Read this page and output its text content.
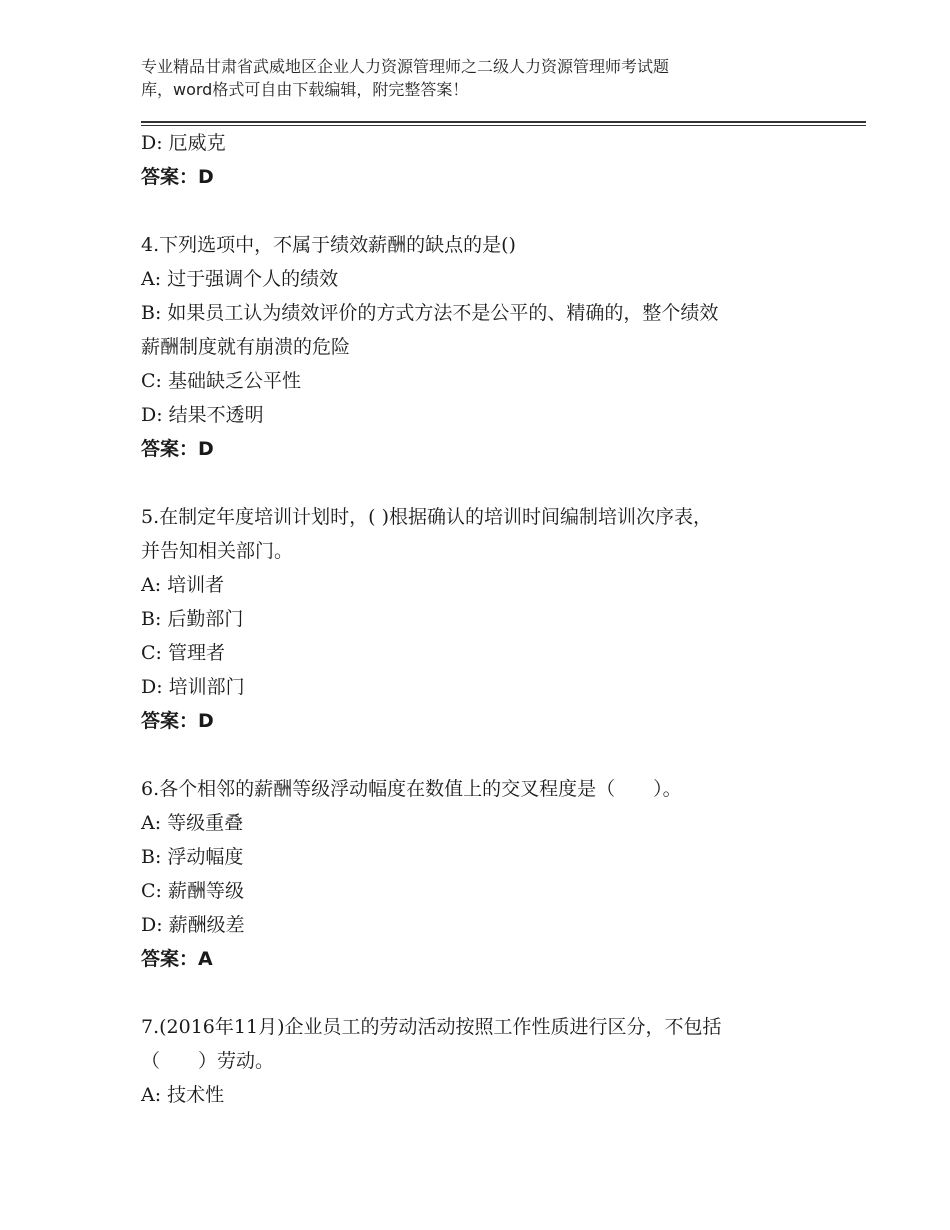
专业精品甘肃省武威地区企业人力资源管理师之二级人力资源管理师考试题
库，word格式可自由下载编辑，附完整答案！

D: 厄威克

答案：D

4.下列选项中，不属于绩效薪酬的缺点的是()

A: 过于强调个人的绩效

B: 如果员工认为绩效评价的方式方法不是公平的、精确的，整个绩效

薪酬制度就有崩溃的危险

C: 基础缺乏公平性

D: 结果不透明

答案：D

5.在制定年度培训计划时，( )根据确认的培训时间编制培训次序表，

并告知相关部门。

A: 培训者

B: 后勤部门

C: 管理者

D: 培训部门

答案：D

6.各个相邻的薪酬等级浮动幅度在数值上的交叉程度是（　　）。

A: 等级重叠

B: 浮动幅度

C: 薪酬等级

D: 薪酬级差

答案：A

7.(2016年11月)企业员工的劳动活动按照工作性质进行区分，不包括

（　　）劳动。

A: 技术性
